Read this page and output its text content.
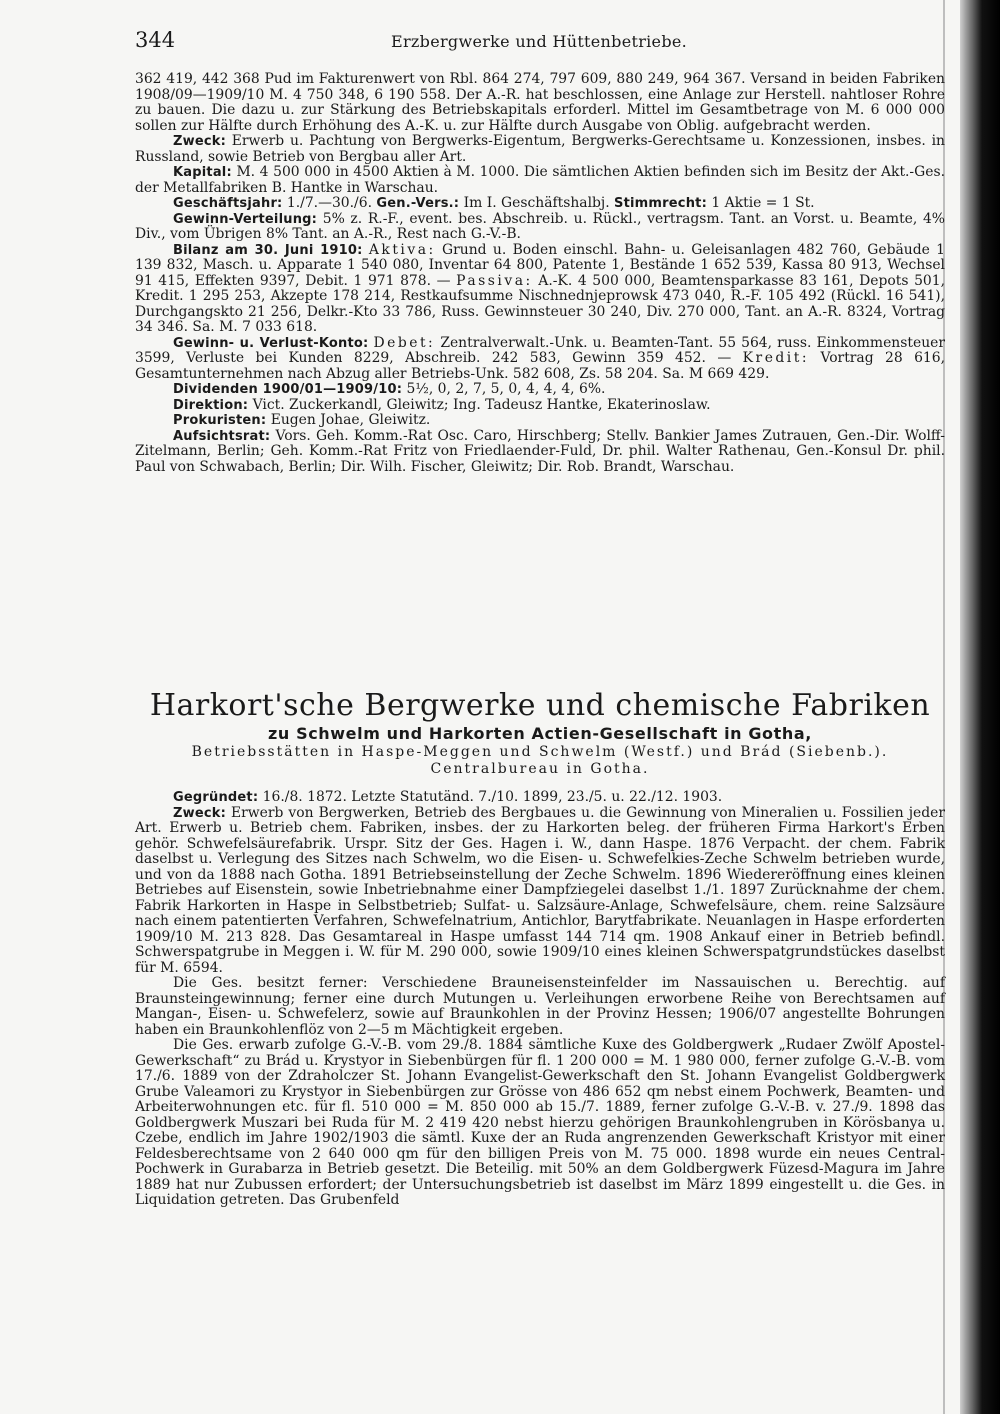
344	Erzbergwerke und Hüttenbetriebe.

362 419, 442 368 Pud im Fakturenwert von Rbl. 864 274, 797 609, 880 249, 964 367. Versand in beiden Fabriken 1908/09—1909/10 M. 4 750 348, 6 190 558. Der A.-R. hat beschlossen, eine Anlage zur Herstell. nahtloser Rohre zu bauen. Die dazu u. zur Stärkung des Betriebskapitals erforderl. Mittel im Gesamtbetrage von M. 6 000 000 sollen zur Hälfte durch Erhöhung des A.-K. u. zur Hälfte durch Ausgabe von Oblig. aufgebracht werden.

Zweck: Erwerb u. Pachtung von Bergwerks-Eigentum, Bergwerks-Gerechtsame u. Konzessionen, insbes. in Russland, sowie Betrieb von Bergbau aller Art.

Kapital: M. 4 500 000 in 4500 Aktien à M. 1000. Die sämtlichen Aktien befinden sich im Besitz der Akt.-Ges. der Metallfabriken B. Hantke in Warschau.

Geschäftsjahr: 1./7.—30./6. Gen.-Vers.: Im I. Geschäftshalbj. Stimmrecht: 1 Aktie = 1 St.

Gewinn-Verteilung: 5% z. R.-F., event. bes. Abschreib. u. Rückl., vertragsm. Tant. an Vorst. u. Beamte, 4% Div., vom Übrigen 8% Tant. an A.-R., Rest nach G.-V.-B.

Bilanz am 30. Juni 1910: Aktiva: Grund u. Boden einschl. Bahn- u. Geleisanlagen 482 760, Gebäude 1 139 832, Masch. u. Apparate 1 540 080, Inventar 64 800, Patente 1, Bestände 1 652 539, Kassa 80 913, Wechsel 91 415, Effekten 9397, Debit. 1 971 878. — Passiva: A.-K. 4 500 000, Beamtensparkasse 83 161, Depots 501, Kredit. 1 295 253, Akzepte 178 214, Restkaufsumme Nischnednjeprowsk 473 040, R.-F. 105 492 (Rückl. 16 541), Durchgangskto 21 256, Delkr.-Kto 33 786, Russ. Gewinnsteuer 30 240, Div. 270 000, Tant. an A.-R. 8324, Vortrag 34 346. Sa. M. 7 033 618.

Gewinn- u. Verlust-Konto: Debet: Zentralverwalt.-Unk. u. Beamten-Tant. 55 564, russ. Einkommensteuer 3599, Verluste bei Kunden 8229, Abschreib. 242 583, Gewinn 359 452. — Kredit: Vortrag 28 616, Gesamtunternehmen nach Abzug aller Betriebs-Unk. 582 608, Zs. 58 204. Sa. M 669 429.

Dividenden 1900/01—1909/10: 5½, 0, 2, 7, 5, 0, 4, 4, 4, 6%.

Direktion: Vict. Zuckerkandl, Gleiwitz; Ing. Tadeusz Hantke, Ekaterinoslaw.

Prokuristen: Eugen Johae, Gleiwitz.

Aufsichtsrat: Vors. Geh. Komm.-Rat Osc. Caro, Hirschberg; Stellv. Bankier James Zutrauen, Gen.-Dir. Wolff-Zitelmann, Berlin; Geh. Komm.-Rat Fritz von Friedlaender-Fuld, Dr. phil. Walter Rathenau, Gen.-Konsul Dr. phil. Paul von Schwabach, Berlin; Dir. Wilh. Fischer, Gleiwitz; Dir. Rob. Brandt, Warschau.

Harkort'sche Bergwerke und chemische Fabriken
zu Schwelm und Harkorten Actien-Gesellschaft in Gotha,
Betriebsstätten in Haspe-Meggen und Schwelm (Westf.) und Brád (Siebenb.).
Centralbureau in Gotha.

Gegründet: 16./8. 1872. Letzte Statutänd. 7./10. 1899, 23./5. u. 22./12. 1903.

Zweck: Erwerb von Bergwerken, Betrieb des Bergbaues u. die Gewinnung von Mineralien u. Fossilien jeder Art. Erwerb u. Betrieb chem. Fabriken, insbes. der zu Harkorten beleg. der früheren Firma Harkort's Erben gehör. Schwefelsäurefabrik. Urspr. Sitz der Ges. Hagen i. W., dann Haspe. 1876 Verpacht. der chem. Fabrik daselbst u. Verlegung des Sitzes nach Schwelm, wo die Eisen- u. Schwefelkies-Zeche Schwelm betrieben wurde, und von da 1888 nach Gotha. 1891 Betriebseinstellung der Zeche Schwelm. 1896 Wiedereröffnung eines kleinen Betriebes auf Eisenstein, sowie Inbetriebnahme einer Dampfziegelei daselbst 1./1. 1897 Zurücknahme der chem. Fabrik Harkorten in Haspe in Selbstbetrieb; Sulfat- u. Salzsäure-Anlage, Schwefelsäure, chem. reine Salzsäure nach einem patentierten Verfahren, Schwefelnatrium, Antichlor, Barytfabrikate. Neuanlagen in Haspe erforderten 1909/10 M. 213 828. Das Gesamtareal in Haspe umfasst 144 714 qm. 1908 Ankauf einer in Betrieb befindl. Schwerspatgrube in Meggen i. W. für M. 290 000, sowie 1909/10 eines kleinen Schwerspatgrundstückes daselbst für M. 6594.

Die Ges. besitzt ferner: Verschiedene Brauneisensteinfelder im Nassauischen u. Berechtig. auf Braunsteingewinnung; ferner eine durch Mutungen u. Verleihungen erworbene Reihe von Berechtsamen auf Mangan-, Eisen- u. Schwefelerz, sowie auf Braunkohlen in der Provinz Hessen; 1906/07 angestellte Bohrungen haben ein Braunkohlenflöz von 2—5 m Mächtigkeit ergeben.

Die Ges. erwarb zufolge G.-V.-B. vom 29./8. 1884 sämtliche Kuxe des Goldbergwerk „Rudaer Zwölf Apostel-Gewerkschaft“ zu Brád u. Krystyor in Siebenbürgen für fl. 1 200 000 = M. 1 980 000, ferner zufolge G.-V.-B. vom 17./6. 1889 von der Zdraholczer St. Johann Evangelist-Gewerkschaft den St. Johann Evangelist Goldbergwerk Grube Valeamori zu Krystyor in Siebenbürgen zur Grösse von 486 652 qm nebst einem Pochwerk, Beamten- und Arbeiterwohnungen etc. für fl. 510 000 = M. 850 000 ab 15./7. 1889, ferner zufolge G.-V.-B. v. 27./9. 1898 das Goldbergwerk Muszari bei Ruda für M. 2 419 420 nebst hierzu gehörigen Braunkohlengruben in Körösbanya u. Czebe, endlich im Jahre 1902/1903 die sämtl. Kuxe der an Ruda angrenzenden Gewerkschaft Kristyor mit einer Feldesberechtsame von 2 640 000 qm für den billigen Preis von M. 75 000. 1898 wurde ein neues Central-Pochwerk in Gurabarza in Betrieb gesetzt. Die Beteilig. mit 50% an dem Goldbergwerk Füzesd-Magura im Jahre 1889 hat nur Zubussen erfordert; der Untersuchungsbetrieb ist daselbst im März 1899 eingestellt u. die Ges. in Liquidation getreten. Das Grubenfeld
